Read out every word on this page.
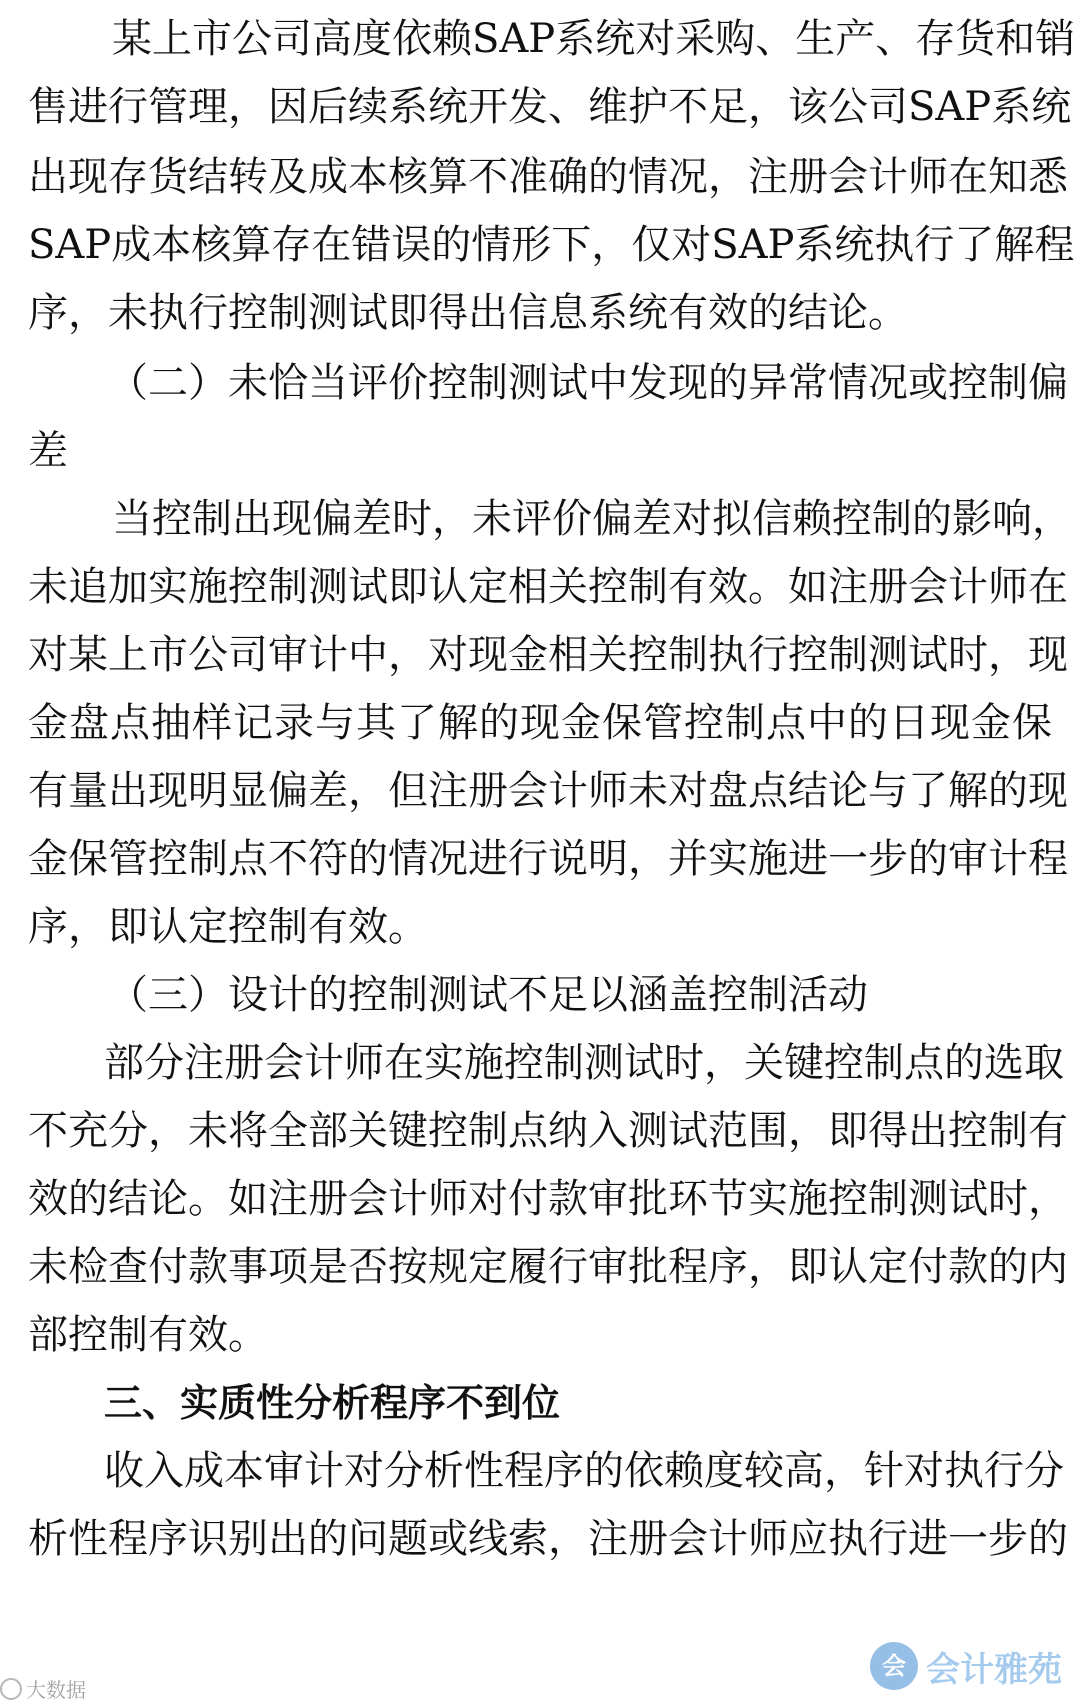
某上市公司高度依赖SAP系统对采购、生产、存货和销
售进行管理，因后续系统开发、维护不足，该公司SAP系统
出现存货结转及成本核算不准确的情况，注册会计师在知悉
SAP成本核算存在错误的情形下，仅对SAP系统执行了解程
序，未执行控制测试即得出信息系统有效的结论。
（二）未恰当评价控制测试中发现的异常情况或控制偏
差
当控制出现偏差时，未评价偏差对拟信赖控制的影响，
未追加实施控制测试即认定相关控制有效。如注册会计师在
对某上市公司审计中，对现金相关控制执行控制测试时，现
金盘点抽样记录与其了解的现金保管控制点中的日现金保
有量出现明显偏差，但注册会计师未对盘点结论与了解的现
金保管控制点不符的情况进行说明，并实施进一步的审计程
序，即认定控制有效。
（三）设计的控制测试不足以涵盖控制活动
部分注册会计师在实施控制测试时，关键控制点的选取
不充分，未将全部关键控制点纳入测试范围，即得出控制有
效的结论。如注册会计师对付款审批环节实施控制测试时，
未检查付款事项是否按规定履行审批程序，即认定付款的内
部控制有效。
三、实质性分析程序不到位
收入成本审计对分析性程序的依赖度较高，针对执行分
析性程序识别出的问题或线索，注册会计师应执行进一步的
大数据
会 会计雅苑
